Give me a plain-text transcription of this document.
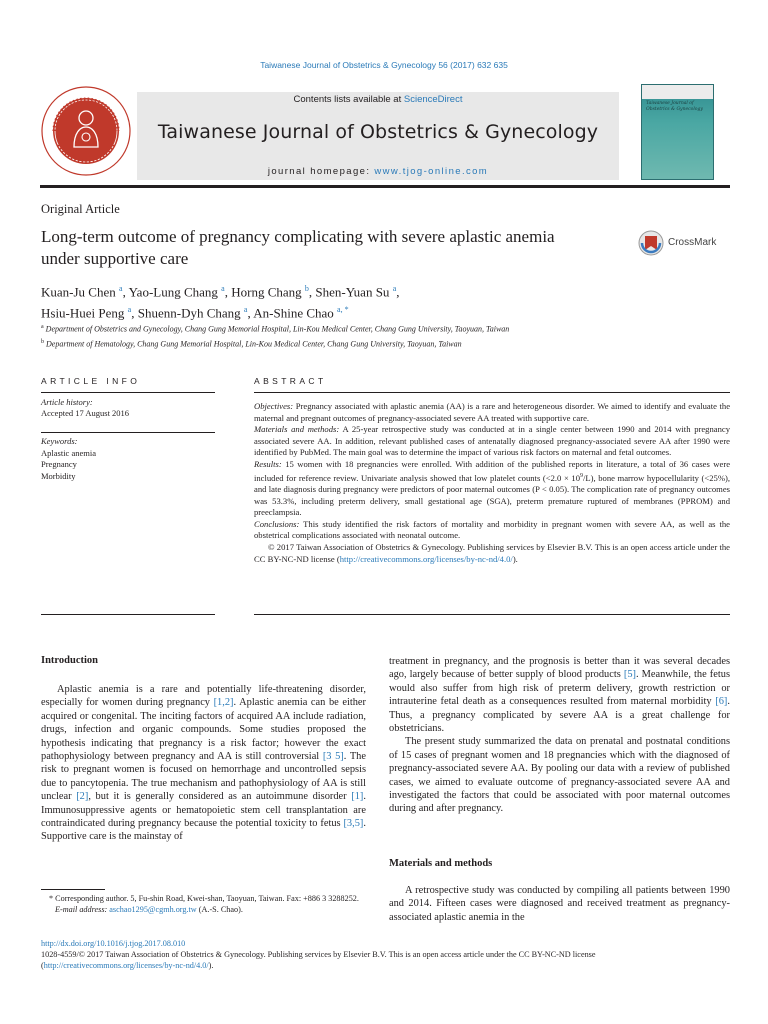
Taiwanese Journal of Obstetrics & Gynecology 56 (2017) 632 635
Contents lists available at ScienceDirect
Taiwanese Journal of Obstetrics & Gynecology
journal homepage: www.tjog-online.com
Taiwanese Journal of Obstetrics & Gynecology
Original Article
Long-term outcome of pregnancy complicating with severe aplastic anemia under supportive care
CrossMark
Kuan-Ju Chen $^a$, Yao-Lung Chang $^a$, Horng Chang $^b$, Shen-Yuan Su $^a$,
Hsiu-Huei Peng $^a$, Shuenn-Dyh Chang $^a$, An-Shine Chao $^{a, *}$
$^a$ Department of Obstetrics and Gynecology, Chang Gung Memorial Hospital, Lin-Kou Medical Center, Chang Gung University, Taoyuan, Taiwan
$^b$ Department of Hematology, Chang Gung Memorial Hospital, Lin-Kou Medical Center, Chang Gung University, Taoyuan, Taiwan
ARTICLE INFO	ABSTRACT
Article history:
Accepted 17 August 2016
Keywords:
Aplastic anemia
Pregnancy
Morbidity

Objectives: Pregnancy associated with aplastic anemia (AA) is a rare and heterogeneous disorder. We aimed to identify and evaluate the maternal and pregnant outcomes of pregnancy-associated severe AA treated with supportive care.

Materials and methods: A 25-year retrospective study was conducted at in a single center between 1990 and 2014 with pregnancy associated severe AA. In addition, relevant published cases of antenatally diagnosed pregnancy-associated severe AA after 1990 were identified by PubMed. The main goal was to determine the impact of various risk factors on maternal and fetal outcomes.

Results: 15 women with 18 pregnancies were enrolled. With addition of the published reports in literature, a total of 36 cases were included for reference review. Univariate analysis showed that low platelet counts $(<2.0 \times 10^9/L)$, bone marrow hypocellularity (<25%), and late diagnosis during pregnancy were predictors of poor maternal outcomes (P < 0.05). The complication rate of pregnancy outcomes was 53.3%, including preterm delivery, small gestational age (SGA), preterm premature ruptured of membranes (PPROM) and preeclampsia.

Conclusions: This study identified the risk factors of mortality and morbidity in pregnant women with severe AA, as well as the obstetrical complications associated with neonatal outcome.

© 2017 Taiwan Association of Obstetrics & Gynecology. Publishing services by Elsevier B.V. This is an open access article under the CC BY-NC-ND license (http://creativecommons.org/licenses/by-nc-nd/4.0/).

Introduction

Aplastic anemia is a rare and potentially life-threatening disorder, especially for women during pregnancy [1,2]. Aplastic anemia can be either acquired or congenital. The inciting factors of acquired AA include radiation, drugs, infection and organic compounds. Some studies proposed the hypothesis indicating that pregnancy is a risk factor; however the exact pathophysiology between pregnancy and AA is still controversial [3 5]. The risk to pregnant women is focused on hemorrhage and uncontrolled sepsis due to pancytopenia. The true mechanism and pathophysiology of AA is still unclear [2], but it is generally considered as an autoimmune disorder [1]. Immunosuppressive agents or hematopoietic stem cell transplantation are contraindicated during pregnancy because the potential toxicity to fetus [3,5]. Supportive care is the mainstay of

treatment in pregnancy, and the prognosis is better than it was several decades ago, largely because of better supply of blood products [5]. Meanwhile, the fetus would also suffer from high risk of preterm delivery, growth restriction or intrauterine fetal death as a consequences resulted from maternal morbidity [6]. Thus, a pregnancy complicated by severe AA is a great challenge for obstetricians.

The present study summarized the data on prenatal and postnatal conditions of 15 cases of pregnant women and 18 pregnancies which with the diagnosed of pregnancy-associated severe AA. By pooling our data with a review of published cases, we aimed to evaluate outcome of pregnancy-associated severe AA and investigated the factors that could be associated with poor maternal outcomes during and after pregnancy.

Materials and methods

A retrospective study was conducted by compiling all patients between 1990 and 2014. Fifteen cases were diagnosed and received treatment as pregnancy-associated aplastic anemia in the

* Corresponding author. 5, Fu-shin Road, Kwei-shan, Taoyuan, Taiwan. Fax: +886 3 3288252.
E-mail address: aschao1295@cgmh.org.tw (A.-S. Chao).
http://dx.doi.org/10.1016/j.tjog.2017.08.010
1028-4559/© 2017 Taiwan Association of Obstetrics & Gynecology. Publishing services by Elsevier B.V. This is an open access article under the CC BY-NC-ND license (http://creativecommons.org/licenses/by-nc-nd/4.0/).
